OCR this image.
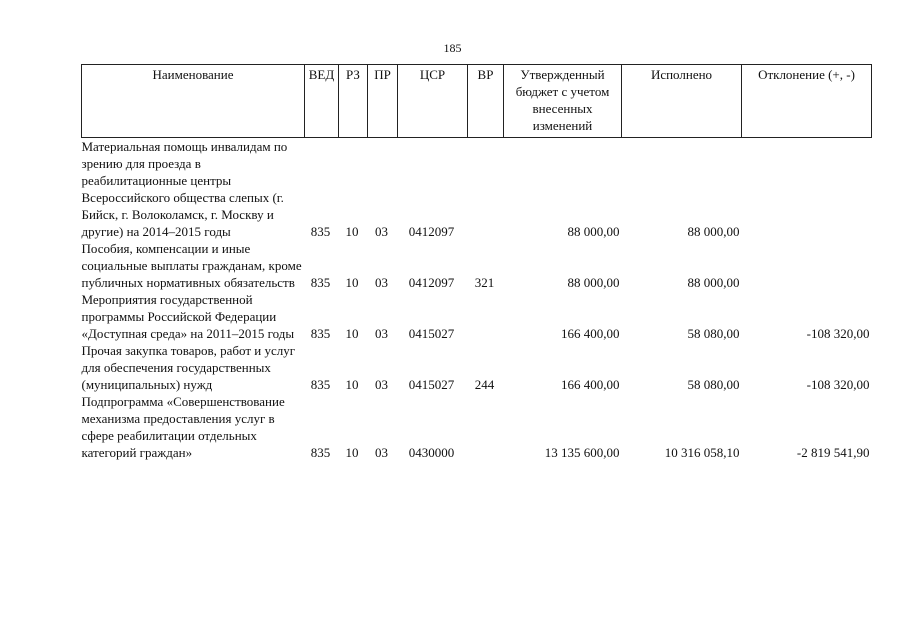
185
Наименование	ВЕД	РЗ	ПР	ЦСР	ВР	Утвержденный бюджет с учетом внесенных изменений	Исполнено	Отклонение (+, -)
Материальная помощь инвалидам по зрению для проезда в реабилитационные центры Всероссийского общества слепых (г. Бийск, г. Волоколамск, г. Москву и другие) на 2014–2015 годы	835	10	03	0412097		88 000,00	88 000,00	
Пособия, компенсации и иные социальные выплаты гражданам, кроме публичных нормативных обязательств	835	10	03	0412097	321	88 000,00	88 000,00	
Мероприятия государственной программы Российской Федерации «Доступная среда» на 2011–2015 годы	835	10	03	0415027		166 400,00	58 080,00	-108 320,00
Прочая закупка товаров, работ и услуг для обеспечения государственных (муниципальных) нужд	835	10	03	0415027	244	166 400,00	58 080,00	-108 320,00
Подпрограмма «Совершенствование механизма предоставления услуг в сфере реабилитации отдельных категорий граждан»	835	10	03	0430000		13 135 600,00	10 316 058,10	-2 819 541,90
